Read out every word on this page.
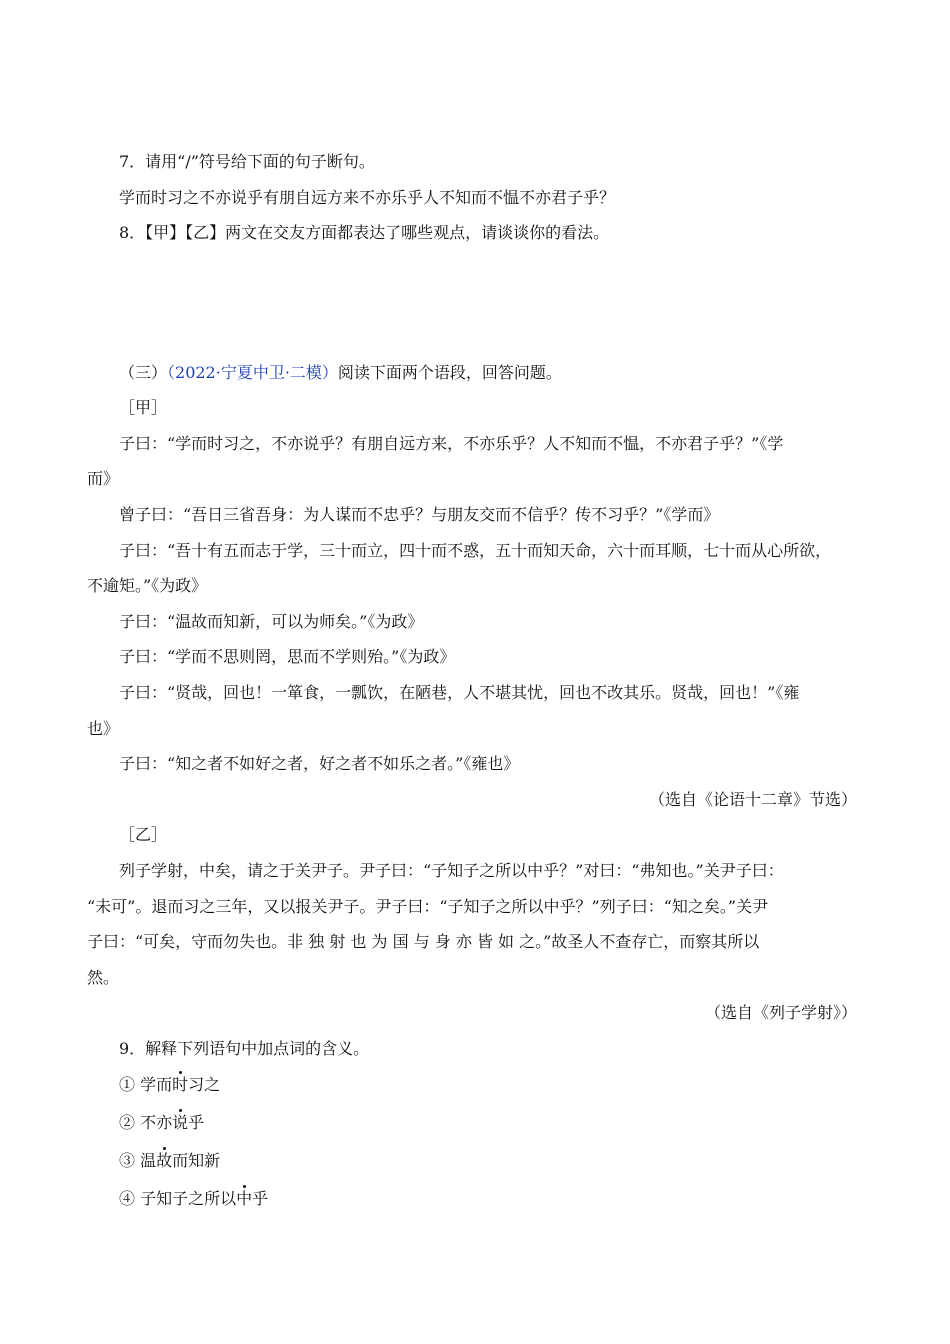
7．请用“/”符号给下面的句子断句。
学而时习之不亦说乎有朋自远方来不亦乐乎人不知而不愠不亦君子乎？
8．【甲】【乙】两文在交友方面都表达了哪些观点，请谈谈你的看法。
（三）（2022·宁夏中卫·二模）阅读下面两个语段，回答问题。
［甲］
子曰：“学而时习之，不亦说乎？有朋自远方来，不亦乐乎？人不知而不愠，不亦君子乎？”《学
而》
曾子曰：“吾日三省吾身：为人谋而不忠乎？与朋友交而不信乎？传不习乎？”《学而》
子曰：“吾十有五而志于学，三十而立，四十而不惑，五十而知天命，六十而耳顺，七十而从心所欲，
不逾矩。”《为政》
子曰：“温故而知新，可以为师矣。”《为政》
子曰：“学而不思则罔，思而不学则殆。”《为政》
子曰：“贤哉，回也！一箪食，一瓢饮，在陋巷，人不堪其忧，回也不改其乐。贤哉，回也！”《雍
也》
子曰：“知之者不如好之者，好之者不如乐之者。”《雍也》
（选自《论语十二章》节选）
［乙］
列子学射，中矣，请之于关尹子。尹子曰：“子知子之所以中乎？”对曰：“弗知也。”关尹子曰：
“未可”。退而习之三年，又以报关尹子。尹子曰：“子知子之所以中乎？”列子曰：“知之矣。”关尹
子曰：“可矣，守而勿失也。非 独 射 也 为 国 与 身 亦 皆 如 之。”故圣人不查存亡，而察其所以
然。
（选自《列子学射》）
9．解释下列语句中加点词的含义。
① 学而时习之
② 不亦说乎
③ 温故而知新
④ 子知子之所以中乎
